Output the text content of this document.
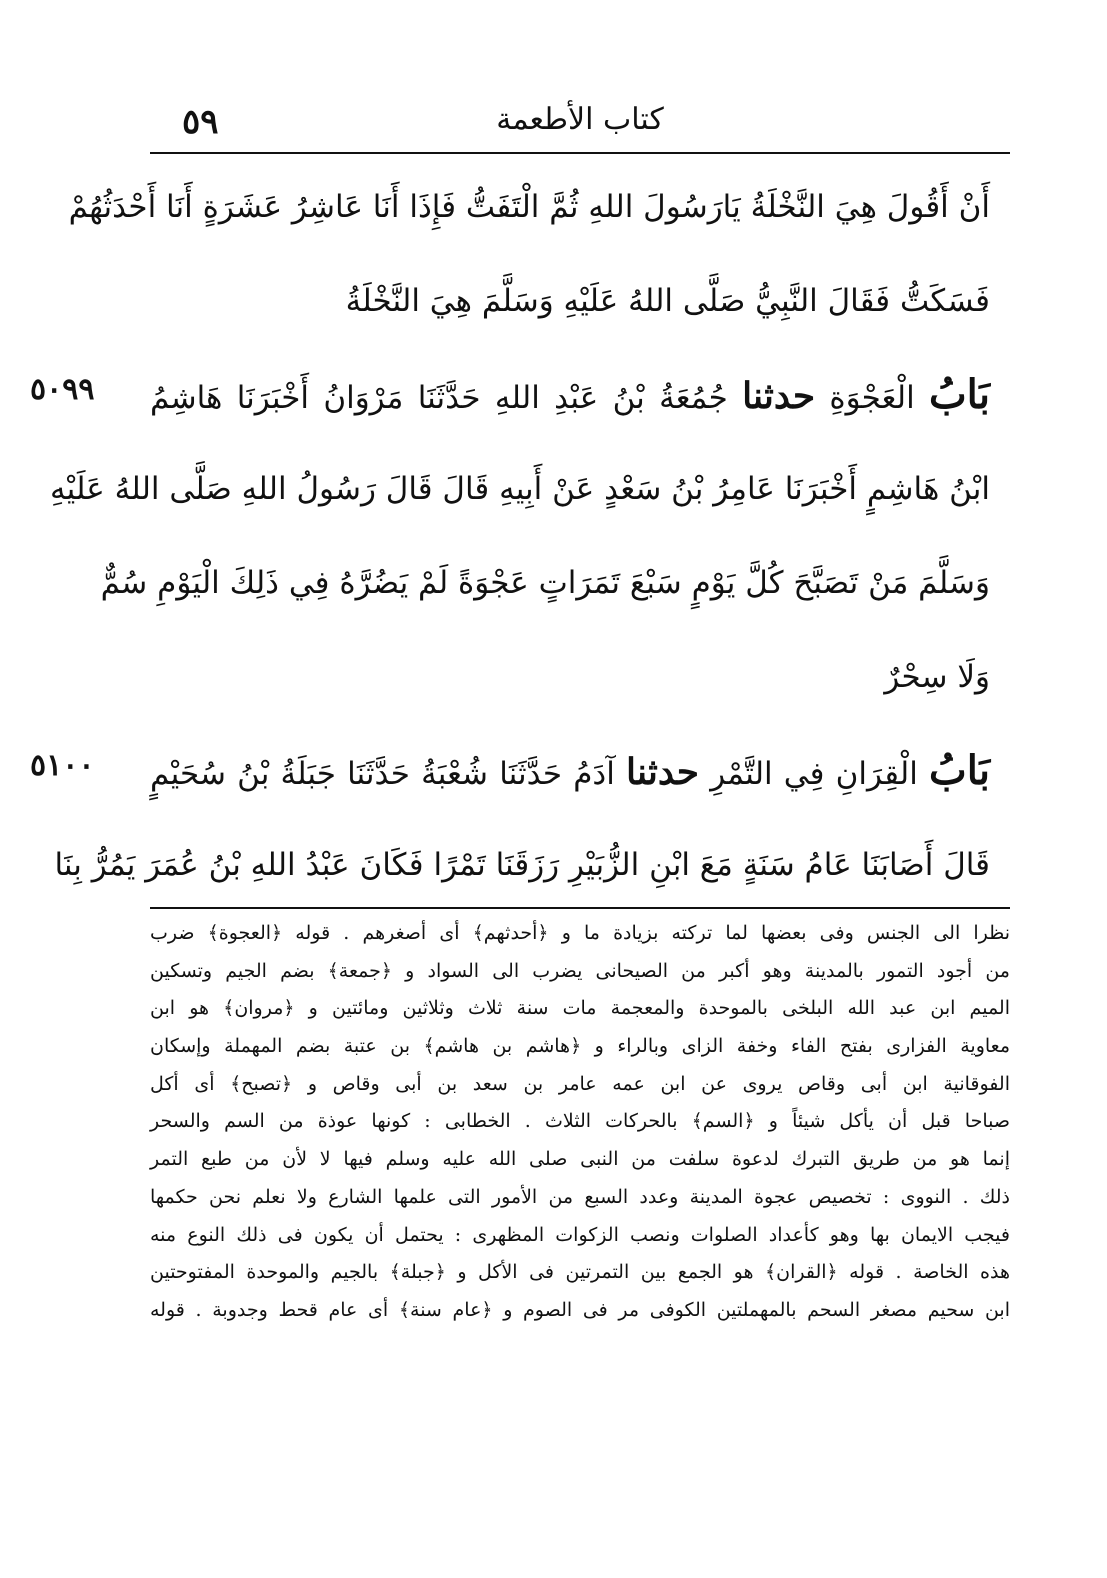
٥٩	كتاب الأطعمة
أَنْ أَقُولَ هِيَ النَّخْلَةُ يَارَسُولَ اللهِ ثُمَّ الْتَفَتُّ فَإِذَا أَنَا عَاشِرُ عَشَرَةٍ أَنَا أَحْدَثُهُمْ
فَسَكَتُّ فَقَالَ النَّبِيُّ صَلَّى اللهُ عَلَيْهِ وَسَلَّمَ هِيَ النَّخْلَةُ
بَابُ الْعَجْوَةِ حدثنا جُمُعَةُ بْنُ عَبْدِ اللهِ حَدَّثَنَا مَرْوَانُ أَخْبَرَنَا هَاشِمُ
ابْنُ هَاشِمٍ أَخْبَرَنَا عَامِرُ بْنُ سَعْدٍ عَنْ أَبِيهِ قَالَ قَالَ رَسُولُ اللهِ صَلَّى اللهُ عَلَيْهِ
وَسَلَّمَ مَنْ تَصَبَّحَ كُلَّ يَوْمٍ سَبْعَ تَمَرَاتٍ عَجْوَةً لَمْ يَضُرَّهُ فِي ذَلِكَ الْيَوْمِ سُمٌّ
وَلَا سِحْرٌ
بَابُ الْقِرَانِ فِي التَّمْرِ حدثنا آدَمُ حَدَّثَنَا شُعْبَةُ حَدَّثَنَا جَبَلَةُ بْنُ سُحَيْمٍ
قَالَ أَصَابَنَا عَامُ سَنَةٍ مَعَ ابْنِ الزُّبَيْرِ رَزَقَنَا تَمْرًا فَكَانَ عَبْدُ اللهِ بْنُ عُمَرَ يَمُرُّ بِنَا
٥٠٩٩
٥١٠٠
نظرا الى الجنس وفى بعضها لما تركته بزيادة ما و ﴿أحدثهم﴾ أى أصغرهم . قوله ﴿العجوة﴾ ضرب
من أجود التمور بالمدينة وهو أكبر من الصيحانى يضرب الى السواد و ﴿جمعة﴾ بضم الجيم وتسكين
الميم ابن عبد الله البلخى بالموحدة والمعجمة مات سنة ثلاث وثلاثين ومائتين و ﴿مروان﴾ هو ابن
معاوية الفزارى بفتح الفاء وخفة الزاى وبالراء و ﴿هاشم بن هاشم﴾ بن عتبة بضم المهملة وإسكان
الفوقانية ابن أبى وقاص يروى عن ابن عمه عامر بن سعد بن أبى وقاص و ﴿تصبح﴾ أى أكل
صباحا قبل أن يأكل شيئاً و ﴿السم﴾ بالحركات الثلاث . الخطابى : كونها عوذة من السم والسحر
إنما هو من طريق التبرك لدعوة سلفت من النبى صلى الله عليه وسلم فيها لا لأن من طبع التمر
ذلك . النووى : تخصيص عجوة المدينة وعدد السبع من الأمور التى علمها الشارع ولا نعلم نحن حكمها
فيجب الايمان بها وهو كأعداد الصلوات ونصب الزكوات المظهرى : يحتمل أن يكون فى ذلك النوع منه
هذه الخاصة . قوله ﴿القران﴾ هو الجمع بين التمرتين فى الأكل و ﴿جبلة﴾ بالجيم والموحدة المفتوحتين
ابن سحيم مصغر السحم بالمهملتين الكوفى مر فى الصوم و ﴿عام سنة﴾ أى عام قحط وجدوبة . قوله
